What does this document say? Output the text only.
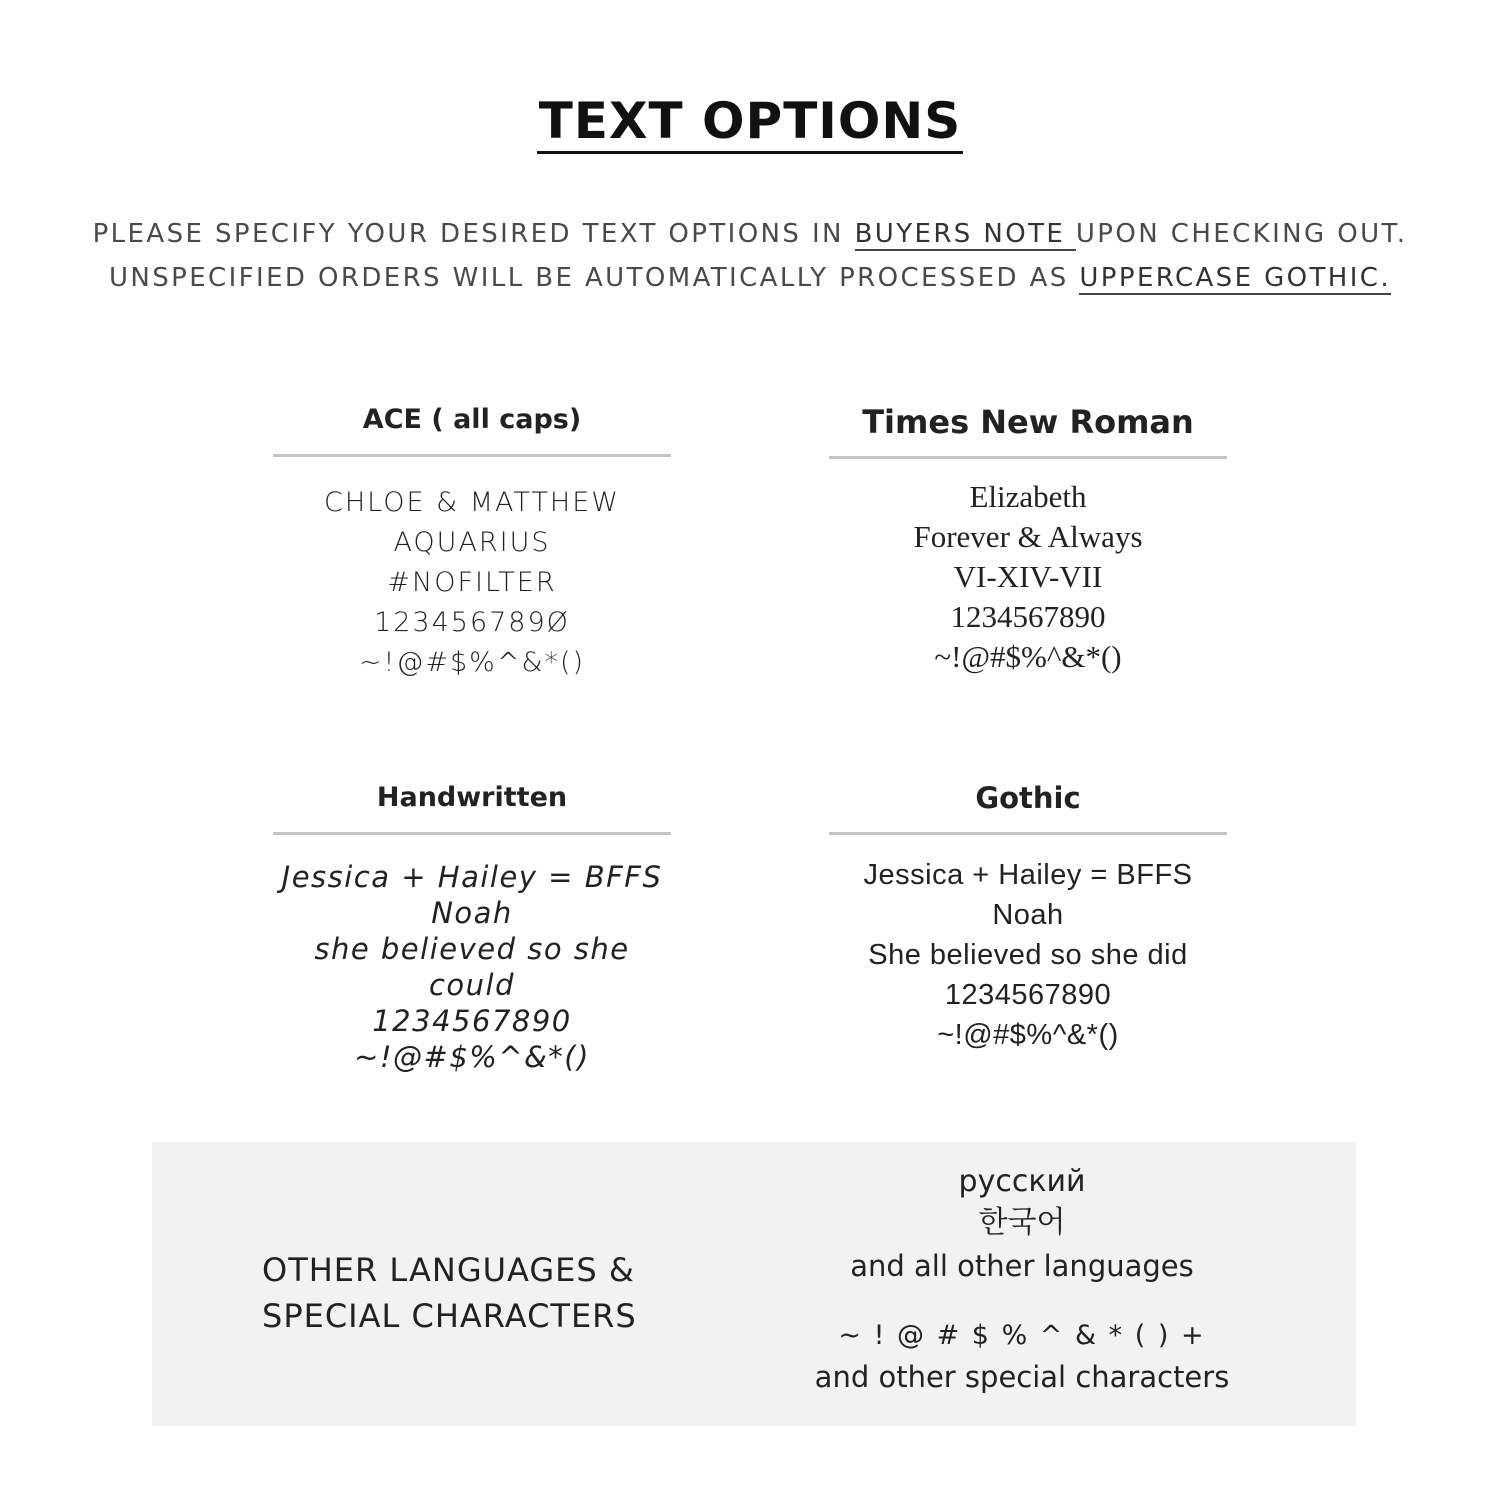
TEXT OPTIONS
PLEASE SPECIFY YOUR DESIRED TEXT OPTIONS IN BUYERS NOTE UPON CHECKING OUT.
UNSPECIFIED ORDERS WILL BE AUTOMATICALLY PROCESSED AS UPPERCASE GOTHIC.
ACE ( all caps)
CHLOE & MATTHEW
AQUARIUS
#NOFILTER
123456789Ø
~!@#$%^&*()
Times New Roman
Elizabeth
Forever & Always
VI-XIV-VII
1234567890
~!@#$%^&*()
Handwritten
Jessica + Hailey = BFFS
Noah
she believed so she could
1234567890
~!@#$%^&*()
Gothic
Jessica + Hailey = BFFS
Noah
She believed so she did
1234567890
~!@#$%^&*()
OTHER LANGUAGES &
SPECIAL CHARACTERS
русский
한국어
and all other languages
~ ! @ # $ % ^ & * ( ) +
and other special characters
